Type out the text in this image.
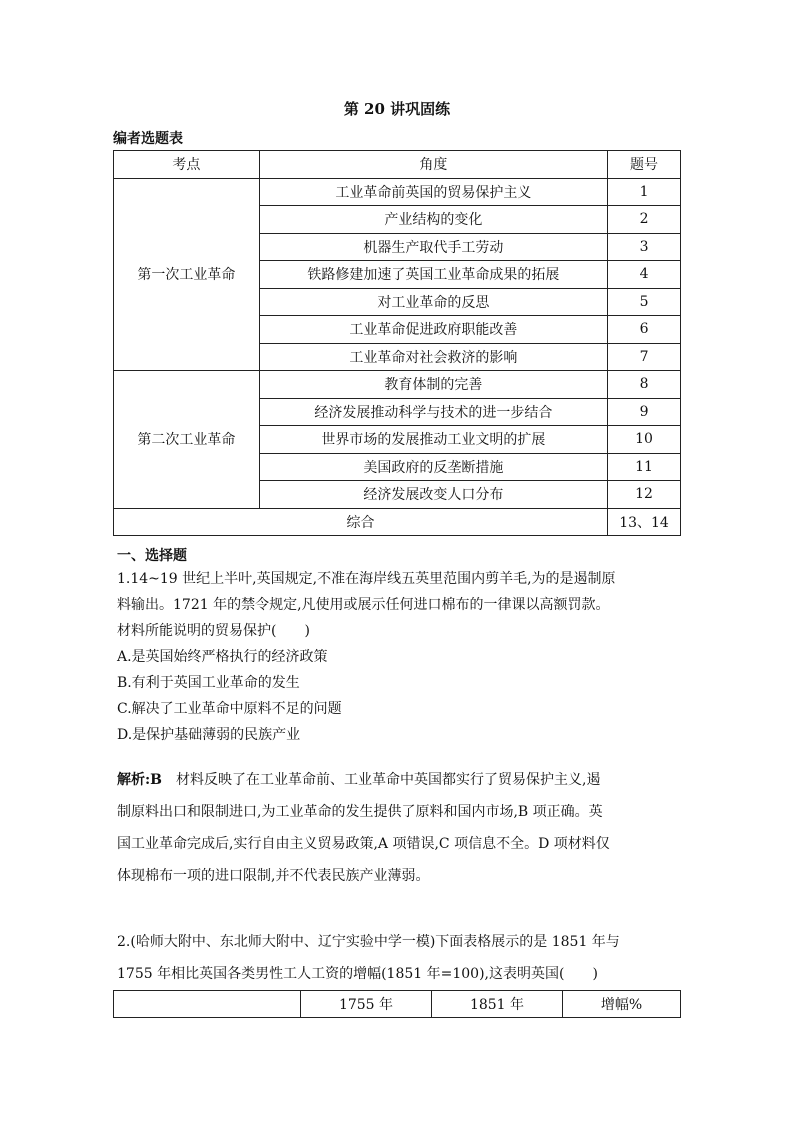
第 20 讲巩固练
编者选题表
考点	角度	题号
第一次工业革命	工业革命前英国的贸易保护主义	1
	产业结构的变化	2
	机器生产取代手工劳动	3
	铁路修建加速了英国工业革命成果的拓展	4
	对工业革命的反思	5
	工业革命促进政府职能改善	6
	工业革命对社会救济的影响	7
第二次工业革命	教育体制的完善	8
	经济发展推动科学与技术的进一步结合	9
	世界市场的发展推动工业文明的扩展	10
	美国政府的反垄断措施	11
	经济发展改变人口分布	12
综合		13、14
一、选择题
1.14~19 世纪上半叶,英国规定,不准在海岸线五英里范围内剪羊毛,为的是遏制原
料输出。1721 年的禁令规定,凡使用或展示任何进口棉布的一律课以高额罚款。
材料所能说明的贸易保护(　　)
A.是英国始终严格执行的经济政策
B.有利于英国工业革命的发生
C.解决了工业革命中原料不足的问题
D.是保护基础薄弱的民族产业
解析:B　材料反映了在工业革命前、工业革命中英国都实行了贸易保护主义,遏
制原料出口和限制进口,为工业革命的发生提供了原料和国内市场,B 项正确。英
国工业革命完成后,实行自由主义贸易政策,A 项错误,C 项信息不全。D 项材料仅
体现棉布一项的进口限制,并不代表民族产业薄弱。
2.(哈师大附中、东北师大附中、辽宁实验中学一模)下面表格展示的是 1851 年与
1755 年相比英国各类男性工人工资的增幅(1851 年=100),这表明英国(　　)
	1755 年	1851 年	增幅%
